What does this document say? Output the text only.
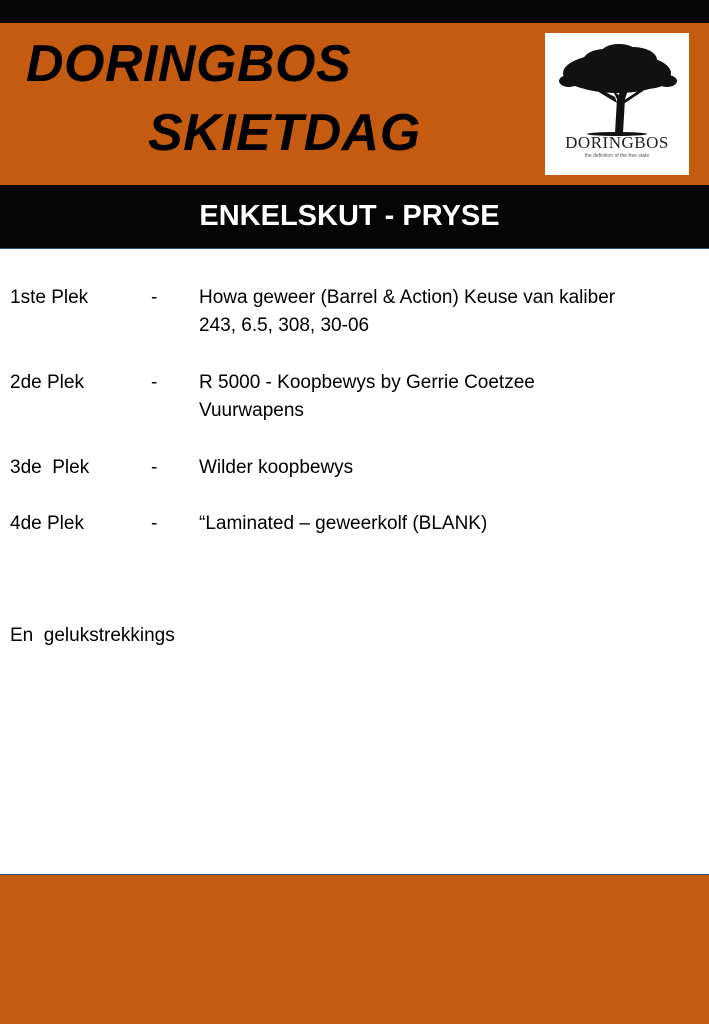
DORINGBOS
SKIETDAG	DORINGBOS
the definition of the free state
ENKELSKUT - PRYSE
1ste Plek	- Howa geweer (Barrel & Action) Keuse van kaliber
243, 6.5, 308, 30-06
2de Plek	- R 5000 - Koopbewys by Gerrie Coetzee
Vuurwapens
3de  Plek	- Wilder koopbewys
4de Plek	- “Laminated – geweerkolf (BLANK)
En  gelukstrekkings
